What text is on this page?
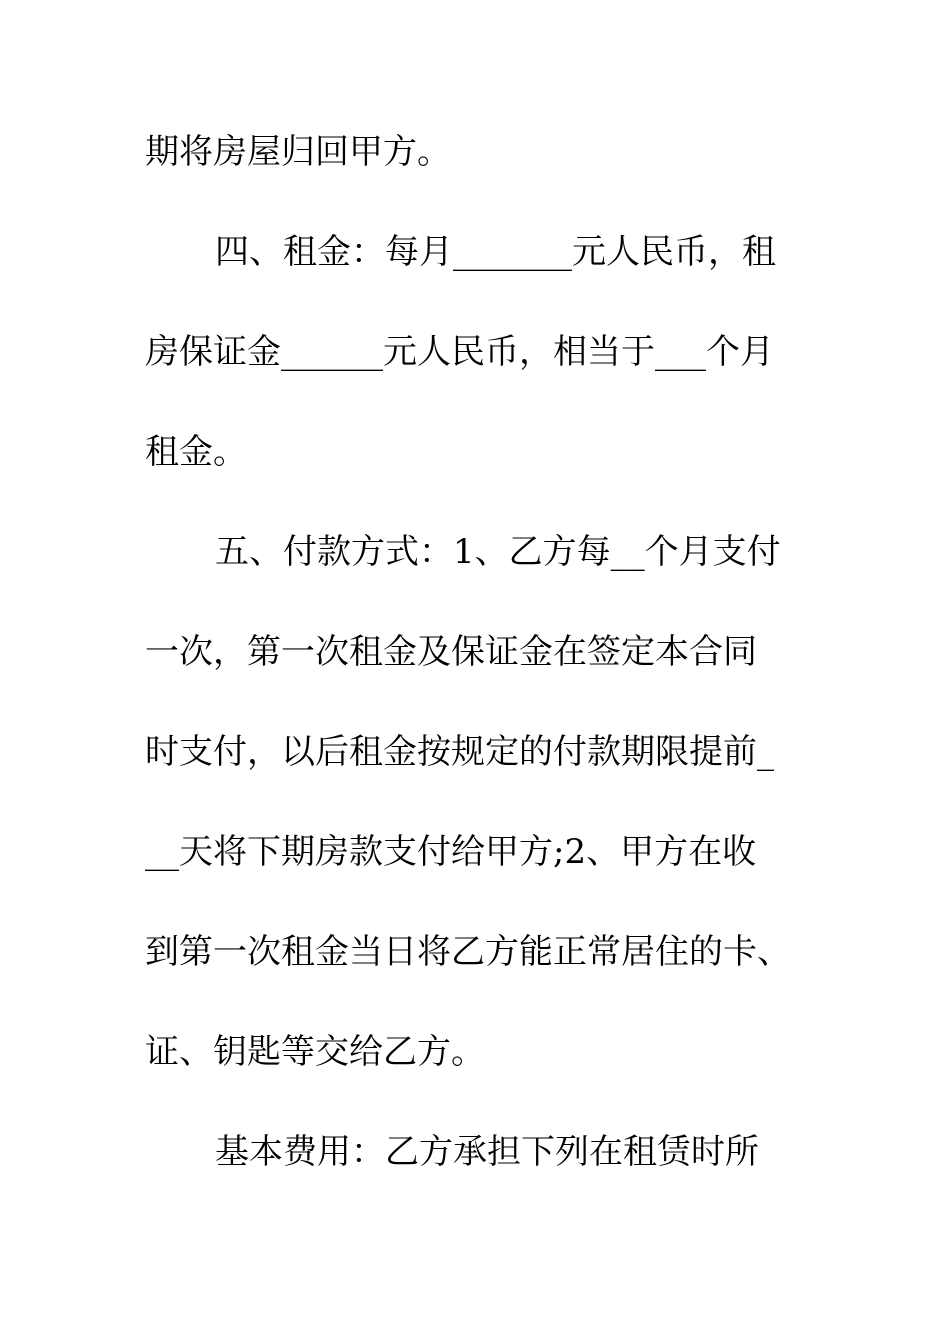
期将房屋归回甲方。
四、租金：每月_______元人民币，租
房保证金______元人民币，相当于___个月
租金。
五、付款方式：1、乙方每__个月支付
一次，第一次租金及保证金在签定本合同
时支付，以后租金按规定的付款期限提前_
__天将下期房款支付给甲方;2、甲方在收
到第一次租金当日将乙方能正常居住的卡、
证、钥匙等交给乙方。
基本费用：乙方承担下列在租赁时所
